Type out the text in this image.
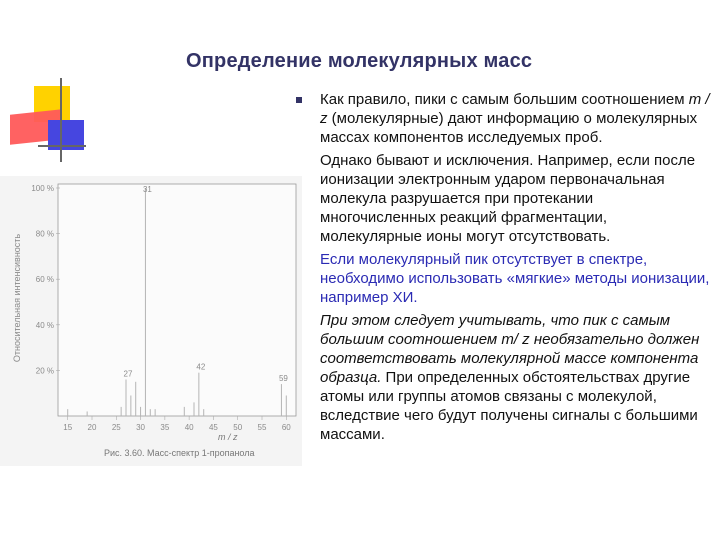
Определение молекулярных масс
Относительная интенсивность
100 %
80 %
60 %
40 %
20 %
15 20 25 30 35 40 45 50 55 60
31
27
42
59
m / z
Рис. 3.60. Масс-спектр 1-пропанола

Как правило, пики с самым большим соотношением m / z (молекулярные) дают информацию о молекулярных массах компонентов исследуемых проб.

Однако бывают и исключения. Например, если после ионизации электронным ударом первоначальная молекула разрушается при протекании многочисленных реакций фрагментации, молекулярные ионы могут отсутствовать.

Если молекулярный пик отсутствует в спектре, необходимо использовать «мягкие» методы ионизации, например ХИ.

При этом следует учитывать, что пик с самым большим соотношением m/ z необязательно должен соответствовать молекулярной массе компонента образца. При определенных обстоятельствах другие атомы или группы атомов связаны с молекулой, вследствие чего будут получены сигналы с большими массами.
